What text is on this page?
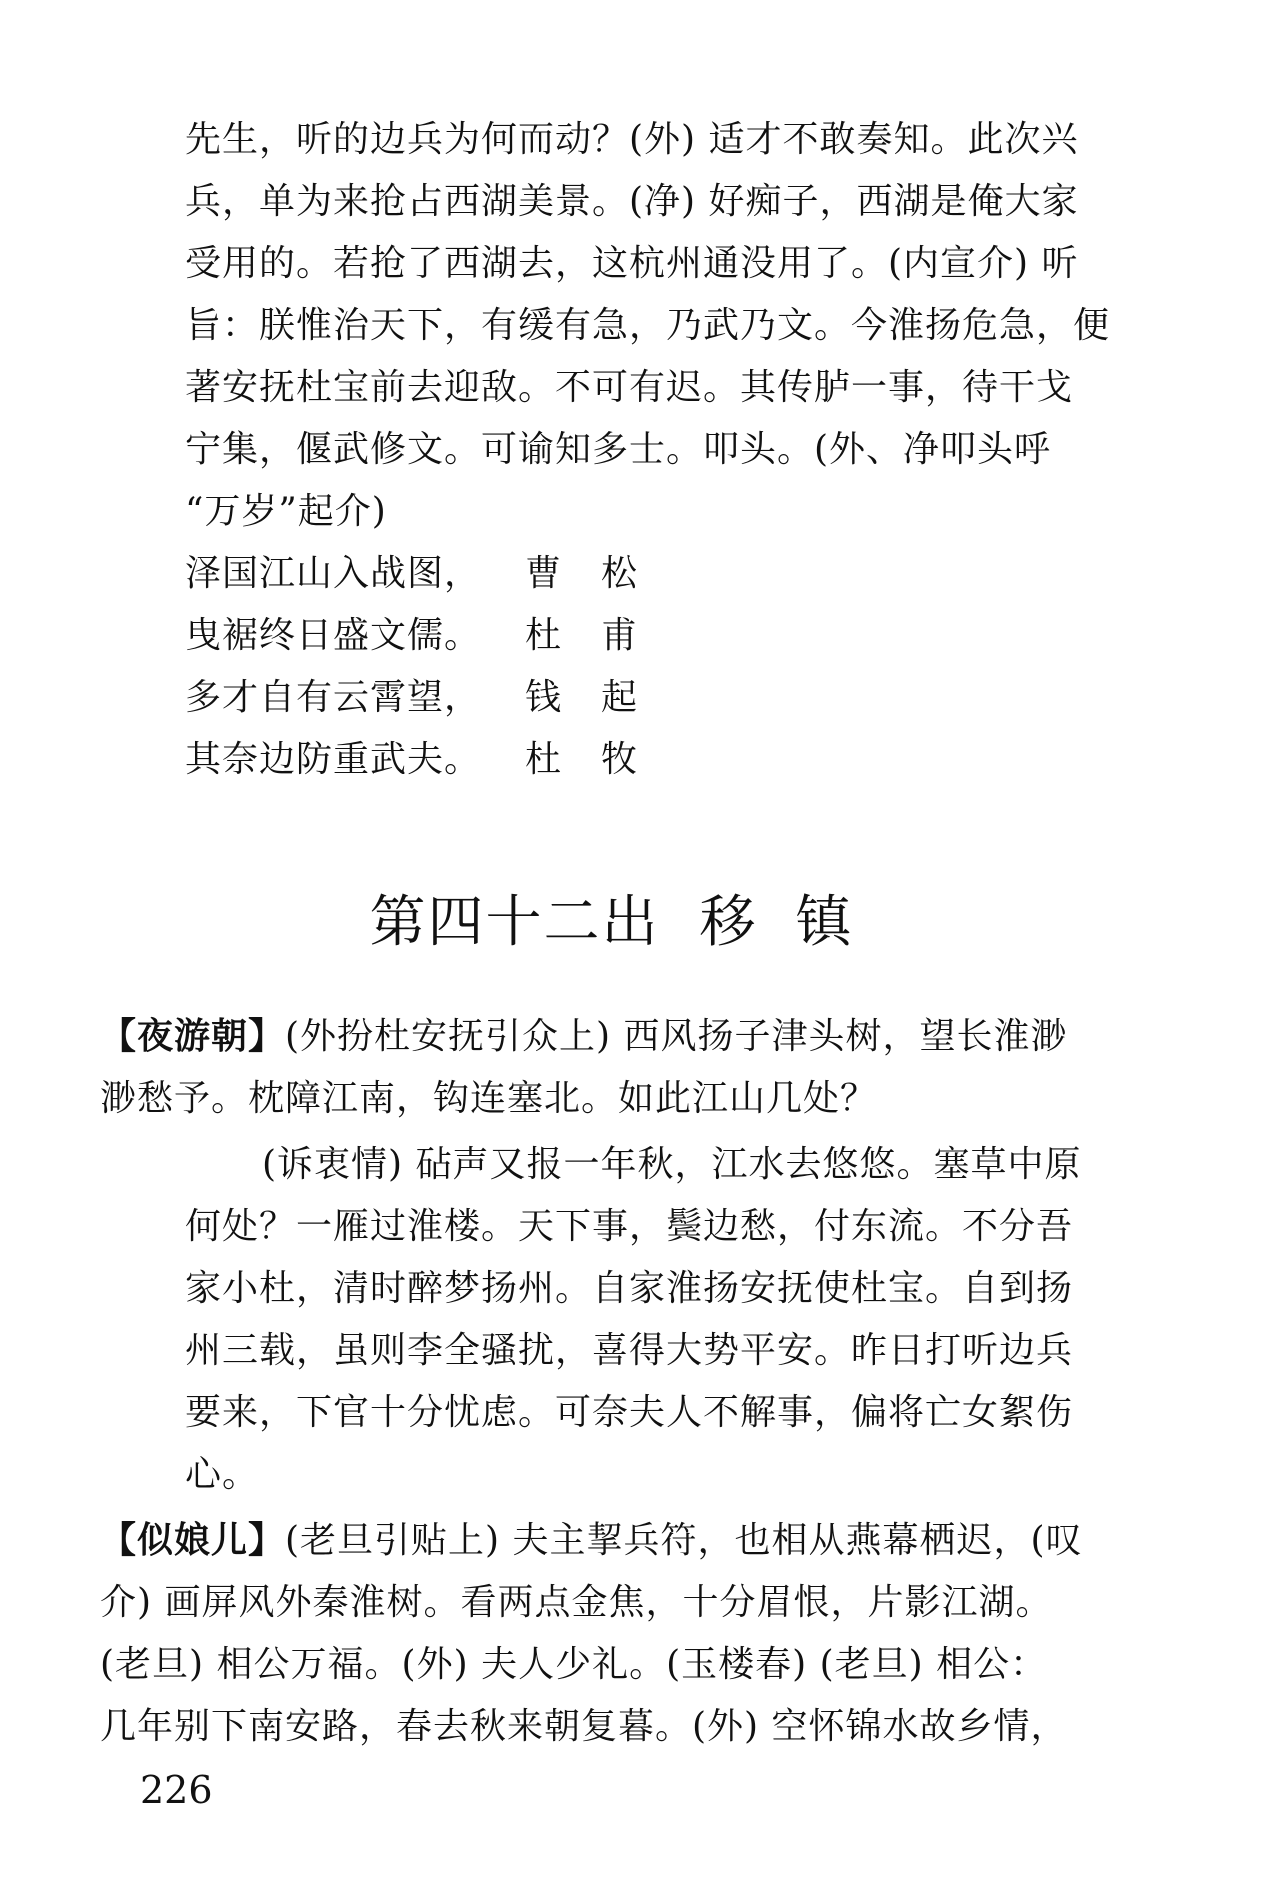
先生，听的边兵为何而动？(外) 适才不敢奏知。此次兴
兵，单为来抢占西湖美景。(净) 好痴子，西湖是俺大家
受用的。若抢了西湖去，这杭州通没用了。(内宣介) 听
旨：朕惟治天下，有缓有急，乃武乃文。今淮扬危急，便
著安抚杜宝前去迎敌。不可有迟。其传胪一事，待干戈
宁集，偃武修文。可谕知多士。叩头。(外、净叩头呼
“万岁”起介)
泽国江山入战图， 曹松
曳裾终日盛文儒。 杜甫
多才自有云霄望， 钱起
其奈边防重武夫。 杜牧
第四十二出 移镇
【夜游朝】(外扮杜安抚引众上) 西风扬子津头树，望长淮渺
渺愁予。枕障江南，钩连塞北。如此江山几处？
(诉衷情) 砧声又报一年秋，江水去悠悠。塞草中原
何处？一雁过淮楼。天下事，鬓边愁，付东流。不分吾
家小杜，清时醉梦扬州。自家淮扬安抚使杜宝。自到扬
州三载，虽则李全骚扰，喜得大势平安。昨日打听边兵
要来，下官十分忧虑。可奈夫人不解事，偏将亡女絮伤
心。
【似娘儿】(老旦引贴上) 夫主挈兵符，也相从燕幕栖迟，(叹
介) 画屏风外秦淮树。看两点金焦，十分眉恨，片影江湖。
(老旦) 相公万福。(外) 夫人少礼。(玉楼春) (老旦) 相公：
几年别下南安路，春去秋来朝复暮。(外) 空怀锦水故乡情，
226
